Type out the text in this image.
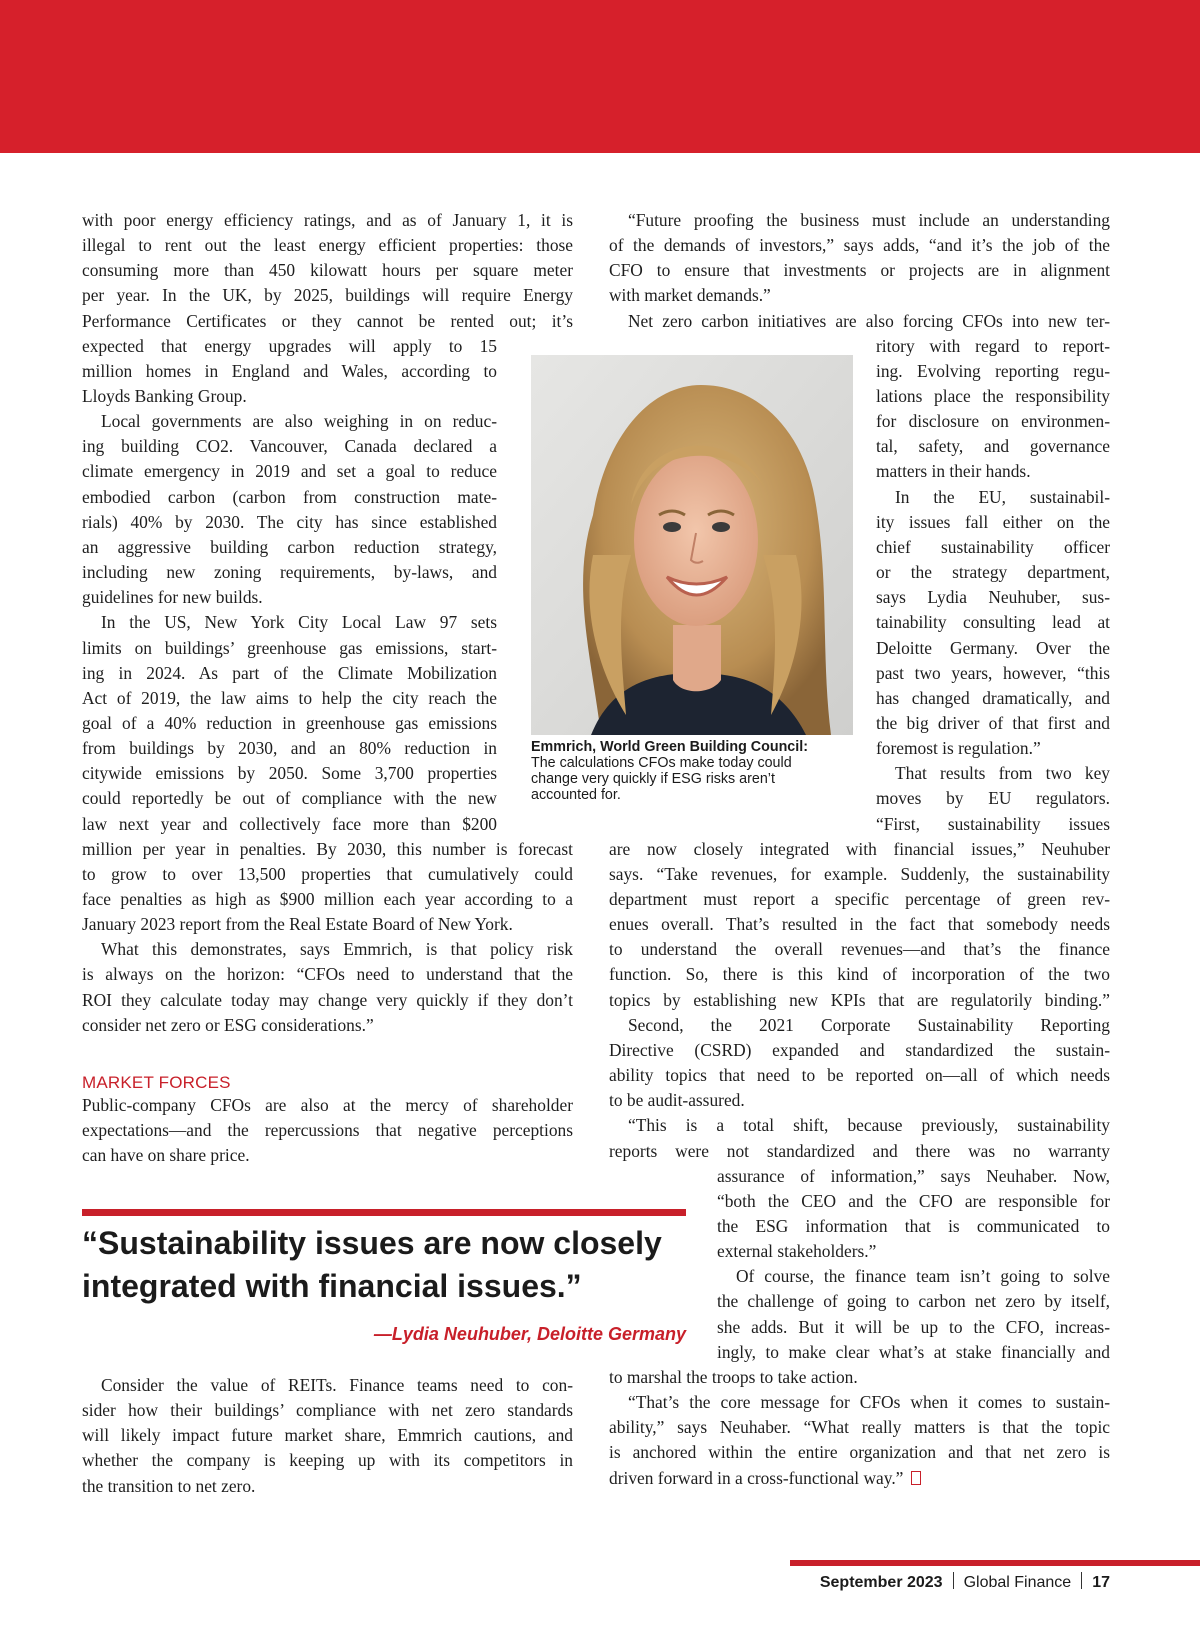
with poor energy efficiency ratings, and as of January 1, it is
illegal to rent out the least energy efficient properties: those
consuming more than 450 kilowatt hours per square meter
per year. In the UK, by 2025, buildings will require Energy
Performance Certificates or they cannot be rented out; it’s
expected that energy upgrades will apply to 15
million homes in England and Wales, according to
Lloyds Banking Group.
Local governments are also weighing in on reduc-
ing building CO2. Vancouver, Canada declared a
climate emergency in 2019 and set a goal to reduce
embodied carbon (carbon from construction mate-
rials) 40% by 2030. The city has since established
an aggressive building carbon reduction strategy,
including new zoning requirements, by-laws, and
guidelines for new builds.
In the US, New York City Local Law 97 sets
limits on buildings’ greenhouse gas emissions, start-
ing in 2024. As part of the Climate Mobilization
Act of 2019, the law aims to help the city reach the
goal of a 40% reduction in greenhouse gas emissions
from buildings by 2030, and an 80% reduction in
citywide emissions by 2050. Some 3,700 properties
could reportedly be out of compliance with the new
law next year and collectively face more than $200
million per year in penalties. By 2030, this number is forecast
to grow to over 13,500 properties that cumulatively could
face penalties as high as $900 million each year according to a
January 2023 report from the Real Estate Board of New York.
What this demonstrates, says Emmrich, is that policy risk
is always on the horizon: “CFOs need to understand that the
ROI they calculate today may change very quickly if they don’t
consider net zero or ESG considerations.”
Public-company CFOs are also at the mercy of shareholder
expectations—and the repercussions that negative perceptions
can have on share price.
Consider the value of REITs. Finance teams need to con-
sider how their buildings’ compliance with net zero standards
will likely impact future market share, Emmrich cautions, and
whether the company is keeping up with its competitors in
the transition to net zero.
MARKET FORCES
“Future proofing the business must include an understanding
of the demands of investors,” says adds, “and it’s the job of the
CFO to ensure that investments or projects are in alignment
with market demands.”
Net zero carbon initiatives are also forcing CFOs into new ter-
ritory with regard to report-
ing. Evolving reporting regu-
lations place the responsibility
for disclosure on environmen-
tal, safety, and governance
matters in their hands.
In the EU, sustainabil-
ity issues fall either on the
chief sustainability officer
or the strategy department,
says Lydia Neuhuber, sus-
tainability consulting lead at
Deloitte Germany. Over the
past two years, however, “this
has changed dramatically, and
the big driver of that first and
foremost is regulation.”
That results from two key
moves by EU regulators.
“First, sustainability issues
are now closely integrated with financial issues,” Neuhuber
says. “Take revenues, for example. Suddenly, the sustainability
department must report a specific percentage of green rev-
enues overall. That’s resulted in the fact that somebody needs
to understand the overall revenues—and that’s the finance
function. So, there is this kind of incorporation of the two
topics by establishing new KPIs that are regulatorily binding.”
Second, the 2021 Corporate Sustainability Reporting
Directive (CSRD) expanded and standardized the sustain-
ability topics that need to be reported on—all of which needs
to be audit-assured.
“This is a total shift, because previously, sustainability
reports were not standardized and there was no warranty
assurance of information,” says Neuhaber. Now,
“both the CEO and the CFO are responsible for
the ESG information that is communicated to
external stakeholders.”
Of course, the finance team isn’t going to solve
the challenge of going to carbon net zero by itself,
she adds. But it will be up to the CFO, increas-
ingly, to make clear what’s at stake financially and
to marshal the troops to take action.
“That’s the core message for CFOs when it comes to sustain-
ability,” says Neuhaber. “What really matters is that the topic
is anchored within the entire organization and that net zero is
driven forward in a cross-functional way.”
Emmrich, World Green Building Council:
The calculations CFOs make today could
change very quickly if ESG risks aren’t
accounted for.
“Sustainability issues are now closely
integrated with financial issues.”
—Lydia Neuhuber, Deloitte Germany
September 2023 Global Finance 17
